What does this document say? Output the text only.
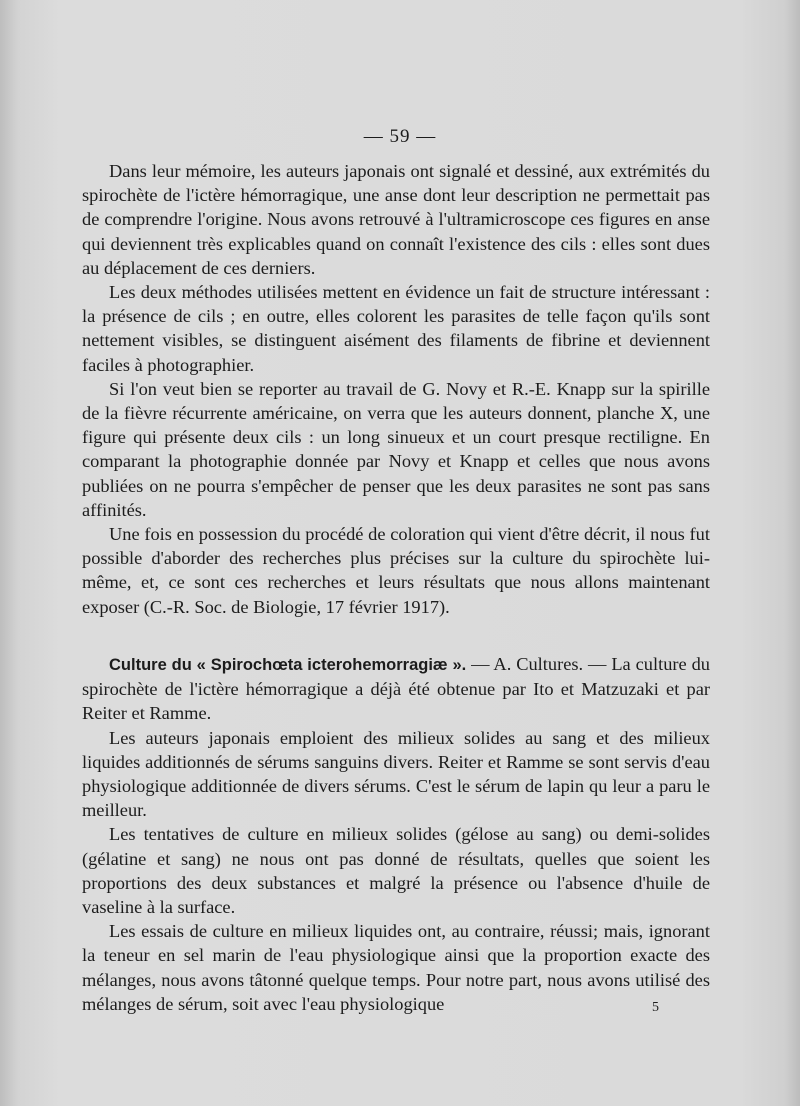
— 59 —

Dans leur mémoire, les auteurs japonais ont signalé et dessiné, aux extrémités du spirochète de l'ictère hémorragique, une anse dont leur description ne permettait pas de comprendre l'origine. Nous avons retrouvé à l'ultramicroscope ces figures en anse qui deviennent très explicables quand on connaît l'existence des cils : elles sont dues au déplacement de ces derniers.

Les deux méthodes utilisées mettent en évidence un fait de structure intéressant : la présence de cils ; en outre, elles colorent les parasites de telle façon qu'ils sont nettement visibles, se distinguent aisément des filaments de fibrine et deviennent faciles à photographier.

Si l'on veut bien se reporter au travail de G. Novy et R.-E. Knapp sur la spirille de la fièvre récurrente américaine, on verra que les auteurs donnent, planche X, une figure qui présente deux cils : un long sinueux et un court presque rectiligne. En comparant la photographie donnée par Novy et Knapp et celles que nous avons publiées on ne pourra s'empêcher de penser que les deux parasites ne sont pas sans affinités.

Une fois en possession du procédé de coloration qui vient d'être décrit, il nous fut possible d'aborder des recherches plus précises sur la culture du spirochète lui-même, et, ce sont ces recherches et leurs résultats que nous allons maintenant exposer (C.-R. Soc. de Biologie, 17 février 1917).

Culture du « Spirochœta icterohemorragiæ ». — A. Cultures. — La culture du spirochète de l'ictère hémorragique a déjà été obtenue par Ito et Matzuzaki et par Reiter et Ramme.

Les auteurs japonais emploient des milieux solides au sang et des milieux liquides additionnés de sérums sanguins divers. Reiter et Ramme se sont servis d'eau physiologique additionnée de divers sérums. C'est le sérum de lapin qu leur a paru le meilleur.

Les tentatives de culture en milieux solides (gélose au sang) ou demi-solides (gélatine et sang) ne nous ont pas donné de résultats, quelles que soient les proportions des deux substances et malgré la présence ou l'absence d'huile de vaseline à la surface.

Les essais de culture en milieux liquides ont, au contraire, réussi; mais, ignorant la teneur en sel marin de l'eau physiologique ainsi que la proportion exacte des mélanges, nous avons tâtonné quelque temps. Pour notre part, nous avons utilisé des mélanges de sérum, soit avec l'eau physiologique	5
